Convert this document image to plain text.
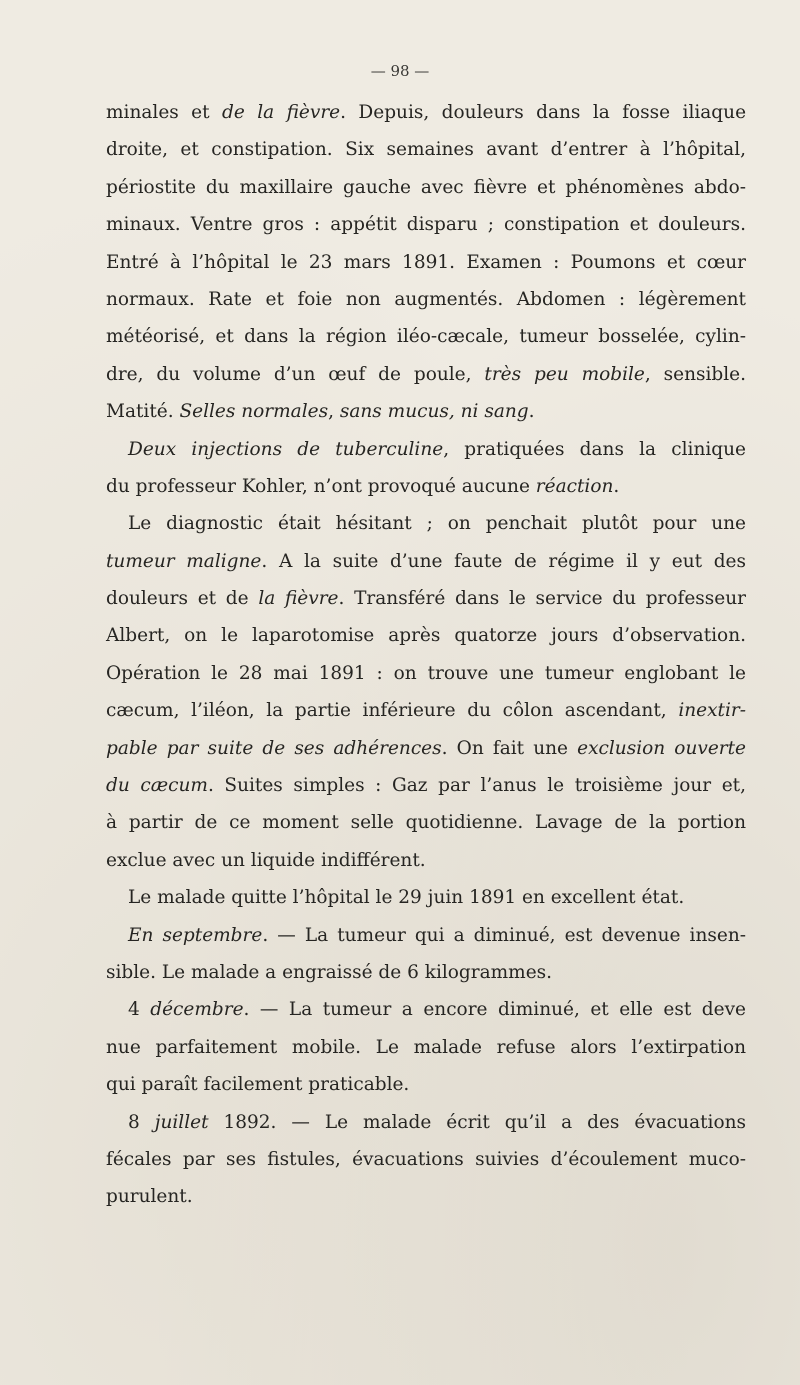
— 98 —
minales et de la fièvre. Depuis, douleurs dans la fosse iliaque
droite, et constipation. Six semaines avant d’entrer à l’hôpital,
périostite du maxillaire gauche avec fièvre et phénomènes abdo-
minaux. Ventre gros : appétit disparu ; constipation et douleurs.
Entré à l’hôpital le 23 mars 1891. Examen : Poumons et cœur
normaux. Rate et foie non augmentés. Abdomen : légèrement
météorisé, et dans la région iléo-cæcale, tumeur bosselée, cylin-
dre, du volume d’un œuf de poule, très peu mobile, sensible.
Matité. Selles normales, sans mucus, ni sang.
Deux injections de tuberculine, pratiquées dans la clinique
du professeur Kohler, n’ont provoqué aucune réaction.
Le diagnostic était hésitant ; on penchait plutôt pour une
tumeur maligne. A la suite d’une faute de régime il y eut des
douleurs et de la fièvre. Transféré dans le service du professeur
Albert, on le laparotomise après quatorze jours d’observation.
Opération le 28 mai 1891 : on trouve une tumeur englobant le
cæcum, l’iléon, la partie inférieure du côlon ascendant, inextir-
pable par suite de ses adhérences. On fait une exclusion ouverte
du cæcum. Suites simples : Gaz par l’anus le troisième jour et,
à partir de ce moment selle quotidienne. Lavage de la portion
exclue avec un liquide indifférent.
Le malade quitte l’hôpital le 29 juin 1891 en excellent état.
En septembre. — La tumeur qui a diminué, est devenue insen-
sible. Le malade a engraissé de 6 kilogrammes.
4 décembre. — La tumeur a encore diminué, et elle est deve
nue parfaitement mobile. Le malade refuse alors l’extirpation
qui paraît facilement praticable.
8 juillet 1892. — Le malade écrit qu’il a des évacuations
fécales par ses fistules, évacuations suivies d’écoulement muco-
purulent.
